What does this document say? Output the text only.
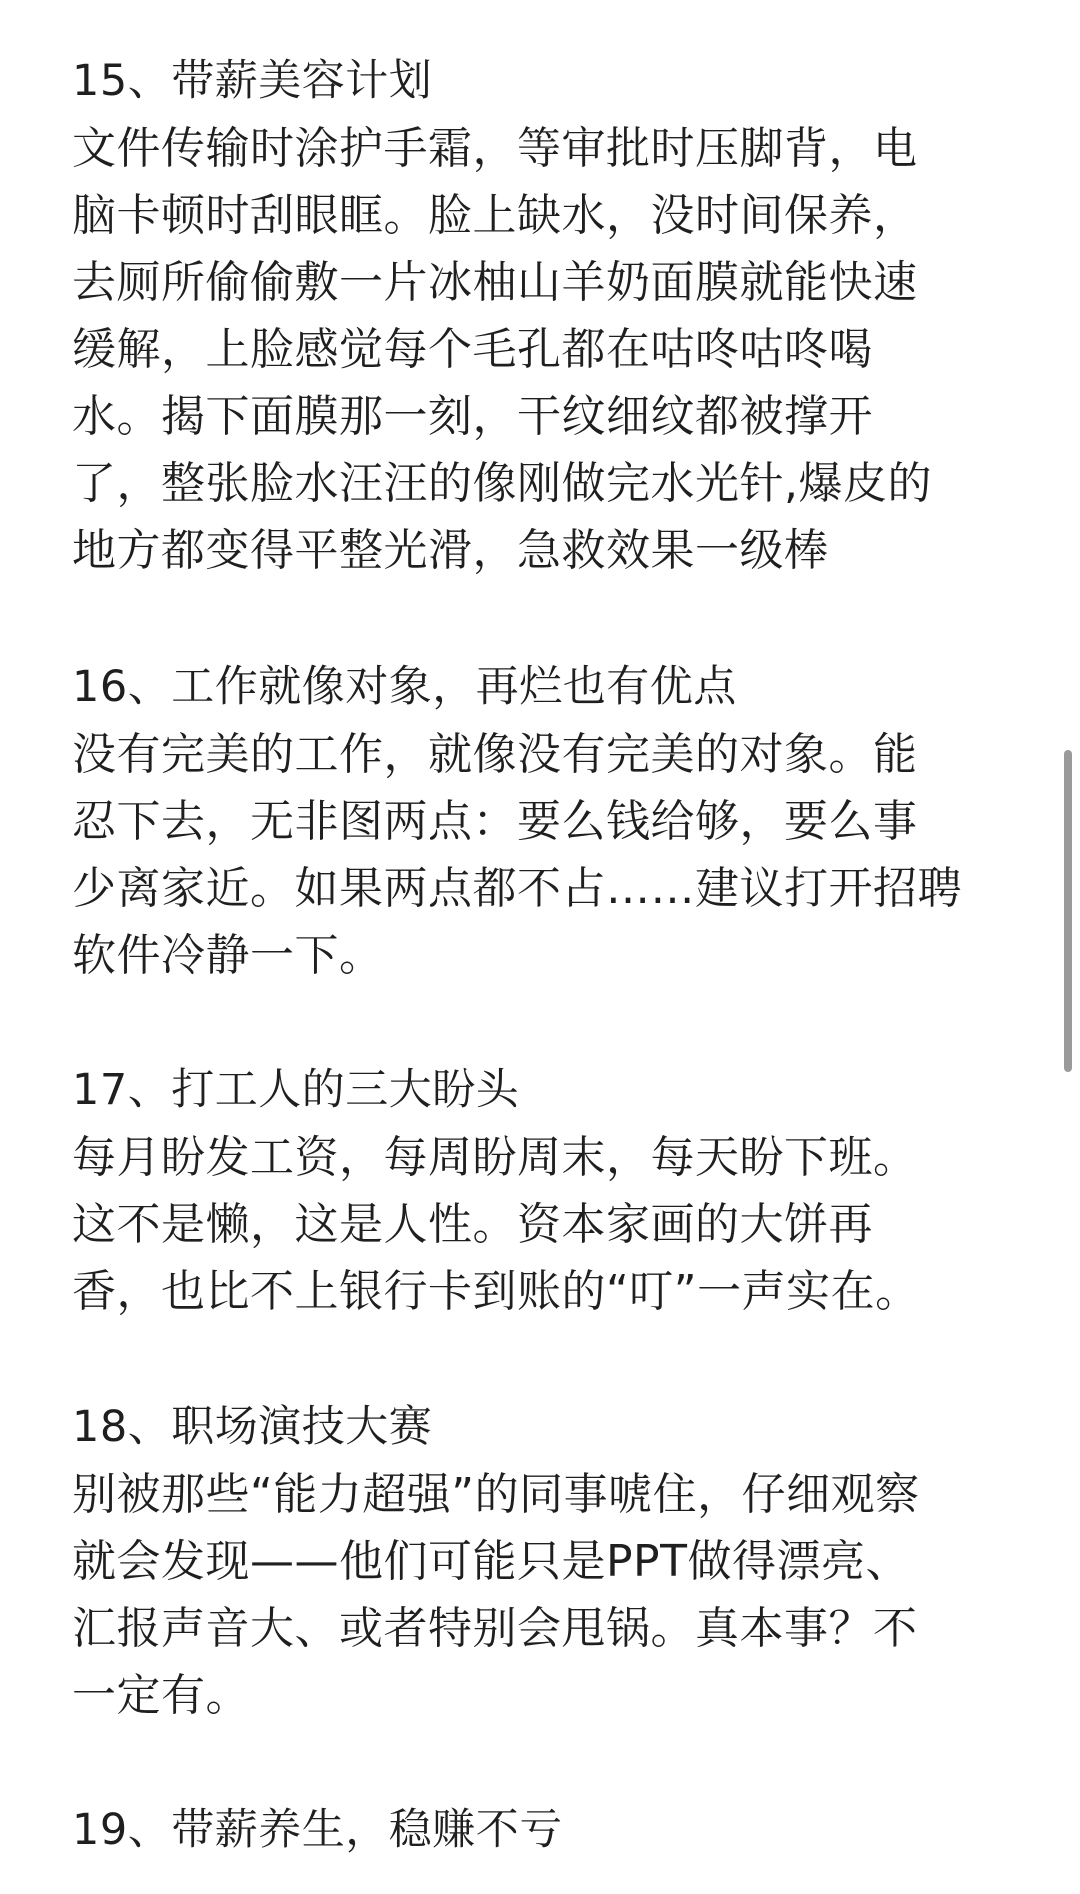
15、带薪美容计划
文件传输时涂护手霜，等审批时压脚背，电
脑卡顿时刮眼眶。脸上缺水，没时间保养，
去厕所偷偷敷一片冰柚山羊奶面膜就能快速
缓解，上脸感觉每个毛孔都在咕咚咕咚喝
水。揭下面膜那一刻，干纹细纹都被撑开
了，整张脸水汪汪的像刚做完水光针,爆皮的
地方都变得平整光滑，急救效果一级棒
16、工作就像对象，再烂也有优点
没有完美的工作，就像没有完美的对象。能
忍下去，无非图两点：要么钱给够，要么事
少离家近。如果两点都不占……建议打开招聘
软件冷静一下。
17、打工人的三大盼头
每月盼发工资，每周盼周末，每天盼下班。
这不是懒，这是人性。资本家画的大饼再
香，也比不上银行卡到账的“叮”一声实在。
18、职场演技大赛
别被那些“能力超强”的同事唬住，仔细观察
就会发现——他们可能只是PPT做得漂亮、
汇报声音大、或者特别会甩锅。真本事？不
一定有。
19、带薪养生，稳赚不亏
